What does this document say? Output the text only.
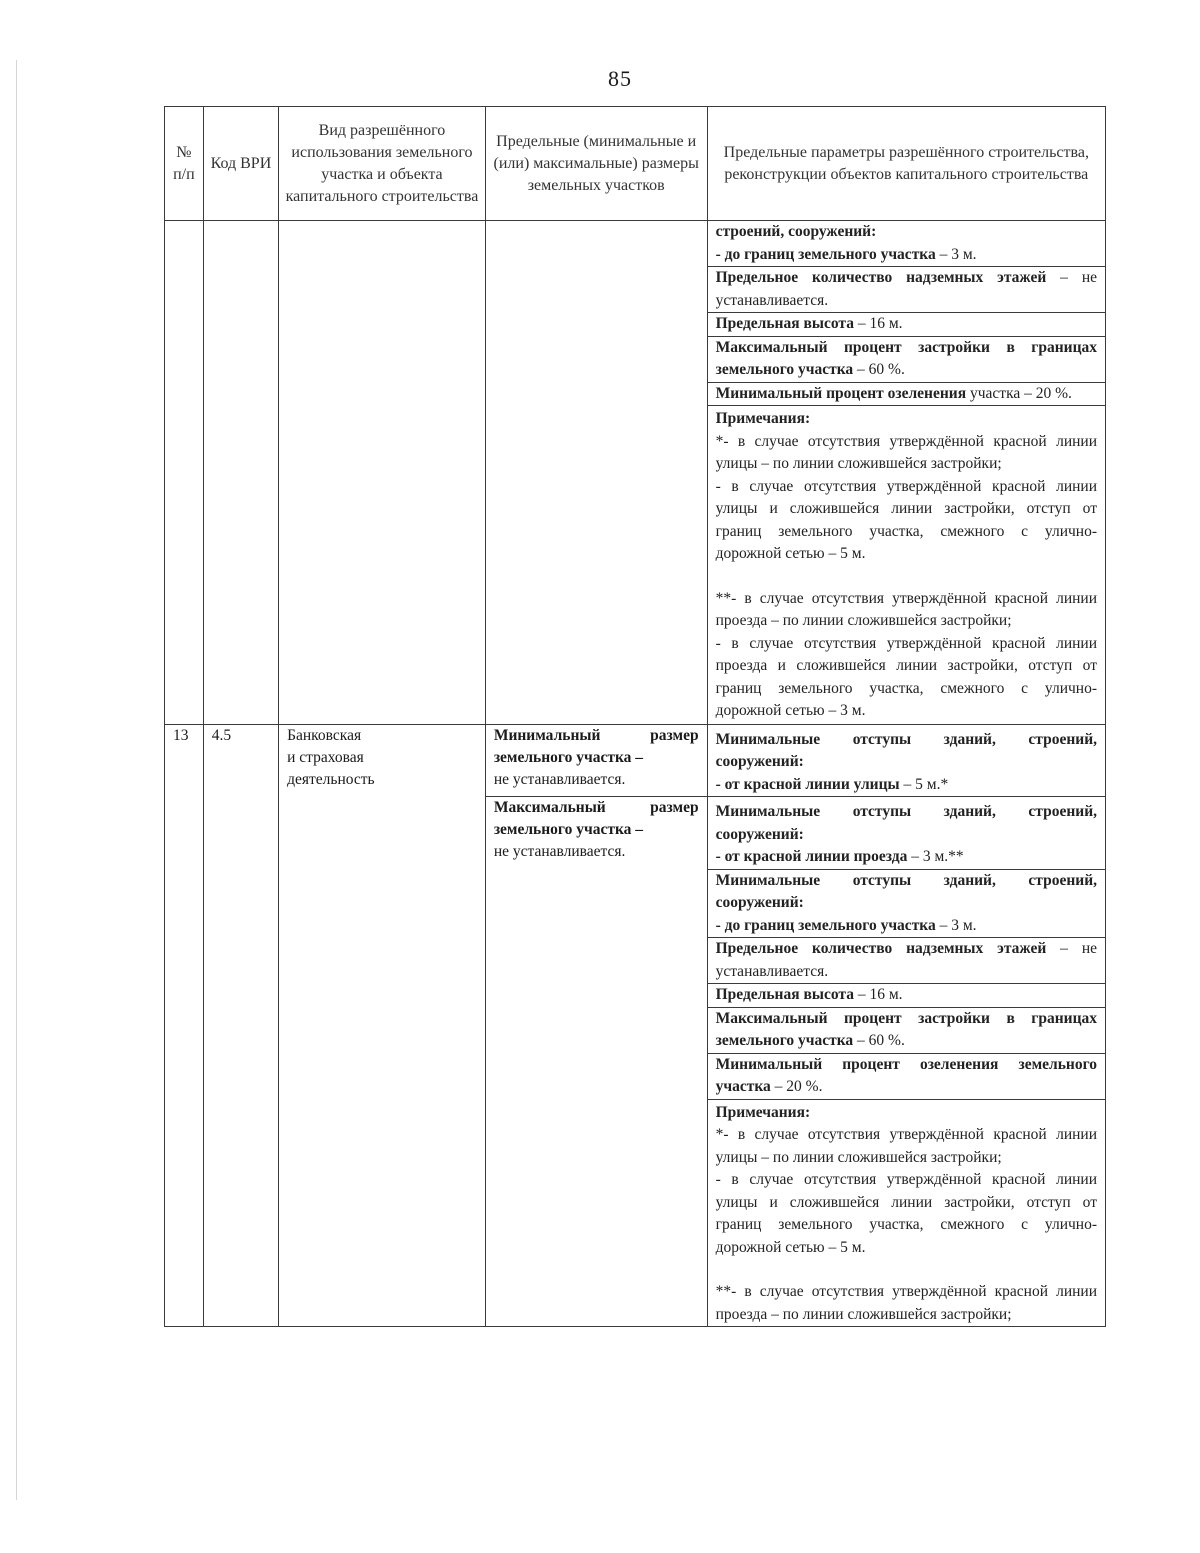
85
№ п/п	Код ВРИ	Вид разрешённого использования земельного участка и объекта капитального строительства	Предельные (минимальные и (или) максимальные) размеры земельных участков	Предельные параметры разрешённого строительства, реконструкции объектов капитального строительства

				строений, сооружений:
- до границ земельного участка – 3 м.
				Предельное количество надземных этажей – не устанавливается.
				Предельная высота – 16 м.
				Максимальный процент застройки в границах земельного участка – 60 %.
				Минимальный процент озеленения участка – 20 %.

				Примечания:
*- в случае отсутствия утверждённой красной линии улицы – по линии сложившейся застройки;
- в случае отсутствия утверждённой красной линии улицы и сложившейся линии застройки, отступ от границ земельного участка, смежного с улично-дорожной сетью – 5 м.
**- в случае отсутствия утверждённой красной линии проезда – по линии сложившейся застройки;
- в случае отсутствия утверждённой красной линии проезда и сложившейся линии застройки, отступ от границ земельного участка, смежного с улично-дорожной сетью – 3 м.

13	4.5	Банковская
и страховая
деятельность	Минимальный размер земельного участка –
не устанавливается.	Минимальные отступы зданий, строений, сооружений:
- от красной линии улицы – 5 м.*

			Максимальный размер земельного участка –
не устанавливается.	Минимальные отступы зданий, строений, сооружений:
- от красной линии проезда – 3 м.**

				Минимальные отступы зданий, строений, сооружений:
- до границ земельного участка – 3 м.
				Предельное количество надземных этажей – не устанавливается.
				Предельная высота – 16 м.
				Максимальный процент застройки в границах земельного участка – 60 %.
				Минимальный процент озеленения земельного участка – 20 %.

				Примечания:
*- в случае отсутствия утверждённой красной линии улицы – по линии сложившейся застройки;
- в случае отсутствия утверждённой красной линии улицы и сложившейся линии застройки, отступ от границ земельного участка, смежного с улично-дорожной сетью – 5 м.
**- в случае отсутствия утверждённой красной линии проезда – по линии сложившейся застройки;
